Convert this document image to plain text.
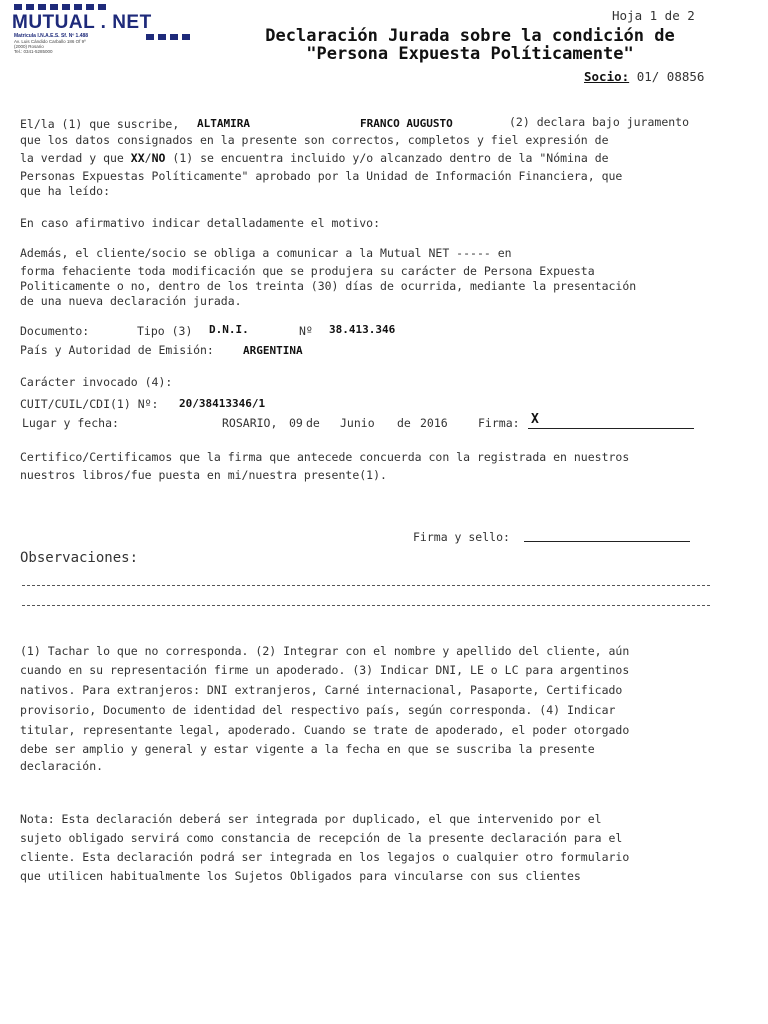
MUTUAL . NET
Matricula I.N.A.E.S. Sf. Nº 1.488
Av. Luis Cándido Carballo 186 Of 9º
(2000) Rosario
Tel.: 0341-5285000
Hoja 1 de 2
Declaración Jurada sobre la condición de
"Persona Expuesta Políticamente"
Socio: 01/ 08856
El/la (1) que suscribe, ALTAMIRA	FRANCO AUGUSTO	(2) declara bajo juramento
que los datos consignados en la presente son correctos, completos y fiel expresión de
la verdad y que XX/NO (1) se encuentra incluido y/o alcanzado dentro de la "Nómina de
Personas Expuestas Políticamente" aprobado por la Unidad de Información Financiera, que
que ha leído:
En caso afirmativo indicar detalladamente el motivo:
Además, el cliente/socio se obliga a comunicar a la Mutual NET ----- en
forma fehaciente toda modificación que se produjera su carácter de Persona Expuesta
Politicamente o no, dentro de los treinta (30) días de ocurrida, mediante la presentación
de una nueva declaración jurada.
Documento:	Tipo (3) D.N.I.	Nº 38.413.346
País y Autoridad de Emisión:	ARGENTINA
Carácter invocado (4):
CUIT/CUIL/CDI(1) Nº: 20/38413346/1
Lugar y fecha:	ROSARIO, 09 de Junio de 2016	Firma: X
Certifico/Certificamos que la firma que antecede concuerda con la registrada en nuestros
nuestros libros/fue puesta en mi/nuestra presente(1).
Firma y sello:
Observaciones:
(1) Tachar lo que no corresponda. (2) Integrar con el nombre y apellido del cliente, aún
cuando en su representación firme un apoderado. (3) Indicar DNI, LE o LC para argentinos
nativos. Para extranjeros: DNI extranjeros, Carné internacional, Pasaporte, Certificado
provisorio, Documento de identidad del respectivo país, según corresponda. (4) Indicar
titular, representante legal, apoderado. Cuando se trate de apoderado, el poder otorgado
debe ser amplio y general y estar vigente a la fecha en que se suscriba la presente
declaración.
Nota: Esta declaración deberá ser integrada por duplicado, el que intervenido por el
sujeto obligado servirá como constancia de recepción de la presente declaración para el
cliente. Esta declaración podrá ser integrada en los legajos o cualquier otro formulario
que utilicen habitualmente los Sujetos Obligados para vincularse con sus clientes
